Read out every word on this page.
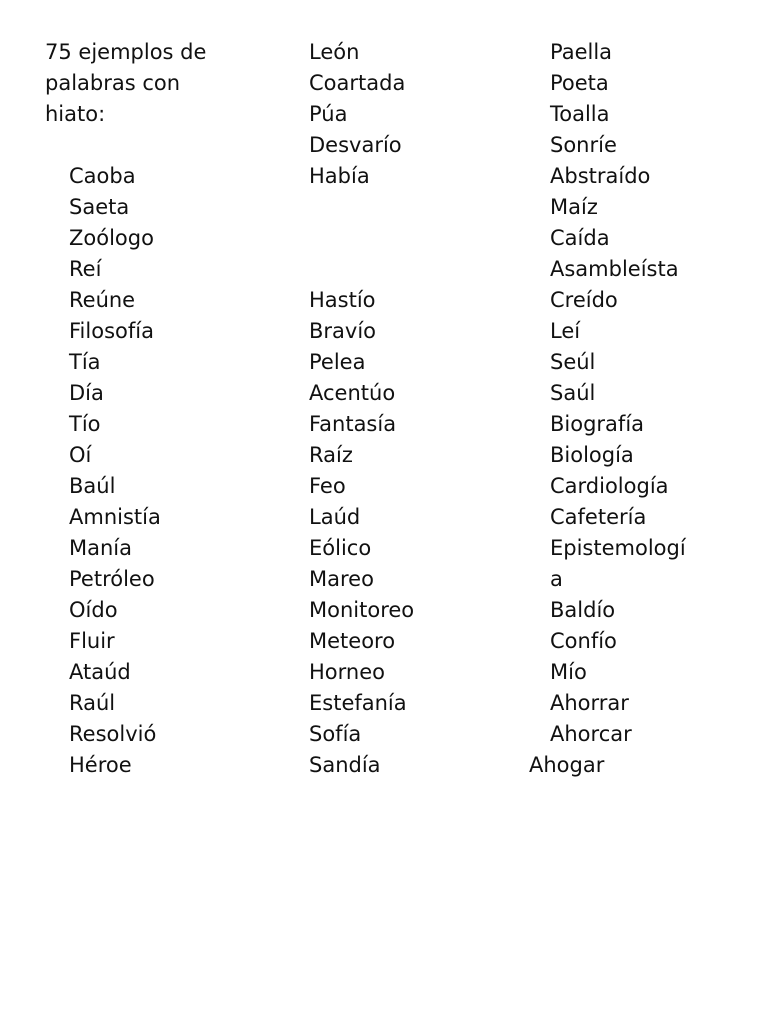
75 ejemplos de
palabras con
hiato:
Caoba
Saeta
Zoólogo
Reí
Reúne
Filosofía
Tía
Día
Tío
Oí
Baúl
Amnistía
Manía
Petróleo
Oído
Fluir
Ataúd
Raúl
Resolvió
Héroe
León
Coartada
Púa
Desvarío
Había
Hastío
Bravío
Pelea
Acentúo
Fantasía
Raíz
Feo
Laúd
Eólico
Mareo
Monitoreo
Meteoro
Horneo
Estefanía
Sofía
Sandía
Paella
Poeta
Toalla
Sonríe
Abstraído
Maíz
Caída
Asambleísta
Creído
Leí
Seúl
Saúl
Biografía
Biología
Cardiología
Cafetería
Epistemologí
a
Baldío
Confío
Mío
Ahorrar
Ahorcar
Ahogar
